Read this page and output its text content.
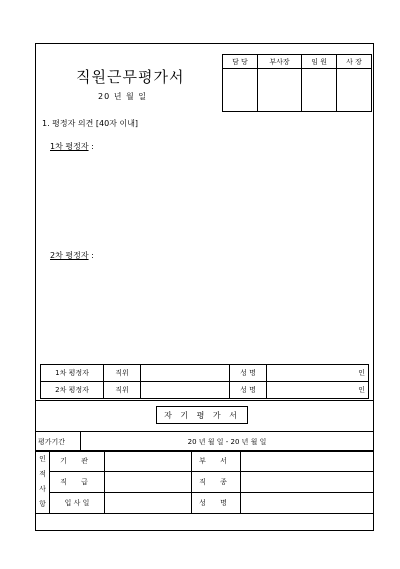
직원근무평가서
20 년 월 일
담 당	부사장	임 원	사 장

1. 평정자 의견 [40자 이내]
1차 평정자 :
2차 평정자 :
1차 평정자	직위		성 명	인
2차 평정자	직위		성 명	인
자 기 평 가 서
평가기간	20 년 월 일 - 20 년 월 일
인적사항	기 관		부 서	
	직 급		직 종	
	입 사 일		성 명	
